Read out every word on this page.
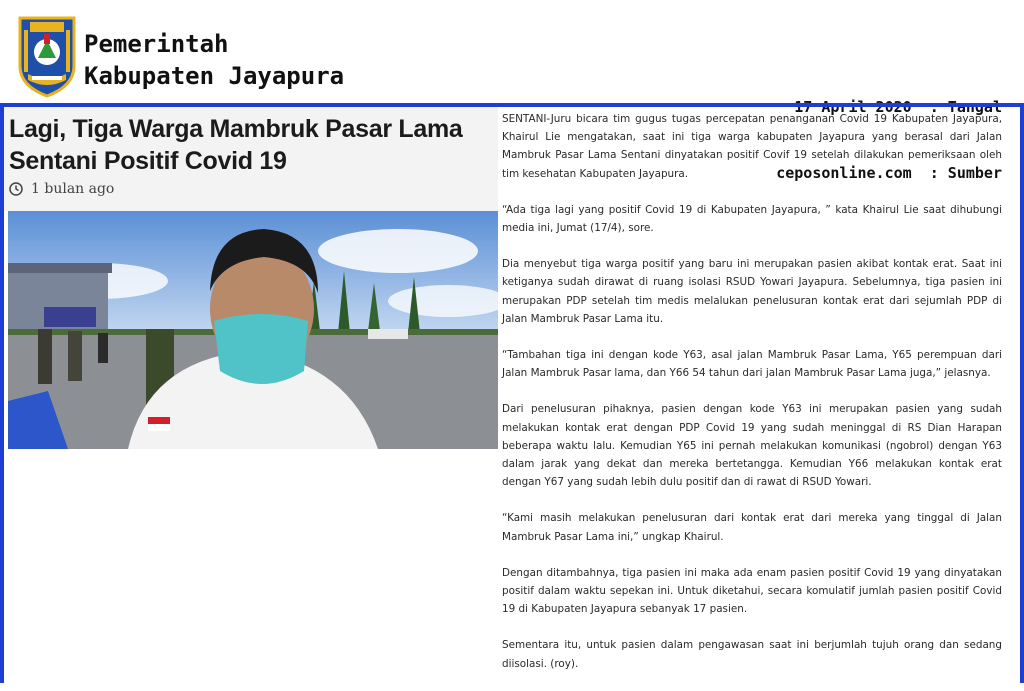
Pemerintah
Kabupaten Jayapura

17 April 2020  : Tangal

ceposonline.com  : Sumber

Lagi, Tiga Warga Mambruk Pasar Lama Sentani Positif Covid 19
1 bulan ago

SENTANI-Juru bicara tim gugus tugas percepatan penanganan Covid 19 Kabupaten Jayapura, Khairul Lie mengatakan, saat ini tiga warga kabupaten Jayapura yang berasal dari Jalan Mambruk Pasar Lama Sentani dinyatakan positif Covif 19 setelah dilakukan pemeriksaan oleh tim kesehatan Kabupaten Jayapura.

“Ada tiga lagi yang positif Covid 19 di Kabupaten Jayapura, ” kata Khairul Lie saat dihubungi media ini, Jumat (17/4), sore.

Dia menyebut tiga warga positif yang baru ini merupakan pasien akibat kontak erat. Saat ini ketiganya sudah dirawat di ruang isolasi RSUD Yowari Jayapura. Sebelumnya, tiga pasien ini merupakan PDP setelah tim medis melalukan penelusuran kontak erat dari sejumlah PDP di Jalan Mambruk Pasar Lama itu.

“Tambahan tiga ini dengan kode Y63, asal jalan Mambruk Pasar Lama, Y65 perempuan dari Jalan Mambruk Pasar lama, dan Y66 54 tahun dari jalan Mambruk Pasar Lama juga,” jelasnya.

Dari penelusuran pihaknya, pasien dengan kode Y63 ini merupakan pasien yang sudah melakukan kontak erat dengan PDP Covid 19 yang sudah meninggal di RS Dian Harapan beberapa waktu lalu. Kemudian Y65 ini pernah melakukan komunikasi (ngobrol) dengan Y63 dalam jarak yang dekat dan mereka bertetangga. Kemudian Y66 melakukan kontak erat dengan Y67 yang sudah lebih dulu positif dan di rawat di RSUD Yowari.

“Kami masih melakukan penelusuran dari kontak erat dari mereka yang tinggal di Jalan Mambruk Pasar Lama ini,” ungkap Khairul.

Dengan ditambahnya, tiga pasien ini maka ada enam pasien positif Covid 19 yang dinyatakan positif dalam waktu sepekan ini. Untuk diketahui, secara komulatif jumlah pasien positif Covid 19 di Kabupaten Jayapura sebanyak 17 pasien.

Sementara itu, untuk pasien dalam pengawasan saat ini berjumlah tujuh orang dan sedang diisolasi. (roy).
